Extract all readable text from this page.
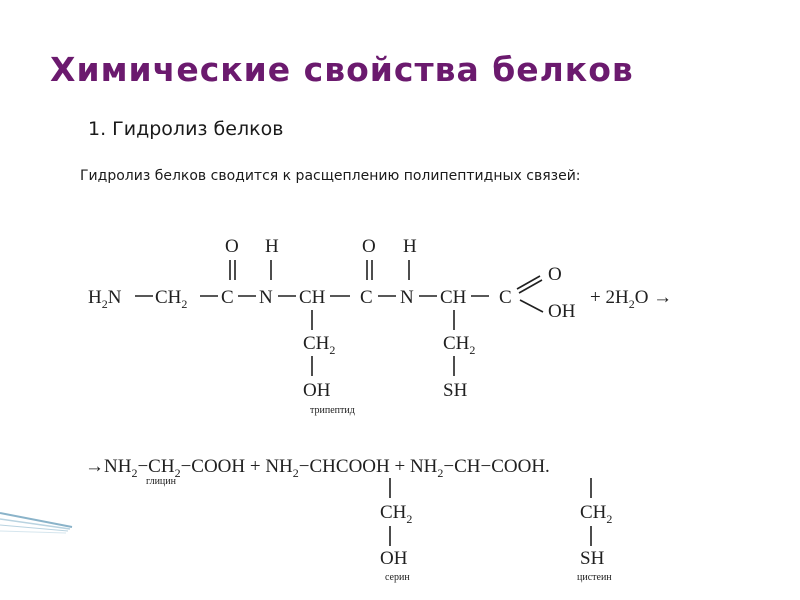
Химические свойства белков
1. Гидролиз белков
Гидролиз белков сводится к расщеплению полипептидных связей:
$H_2N$ $CH_2$ C N CH C N CH C
O H	O H
O
OH
+ $2H_2O$ →
$CH_2$
OH
$CH_2$
SH
трипептид
$\to NH_2-CH_2-COOH$ + $NH_2-CHCOOH$ + $NH_2-CH-COOH$.
глицин
$CH_2$
OH
серин
$CH_2$
SH
цистеин
